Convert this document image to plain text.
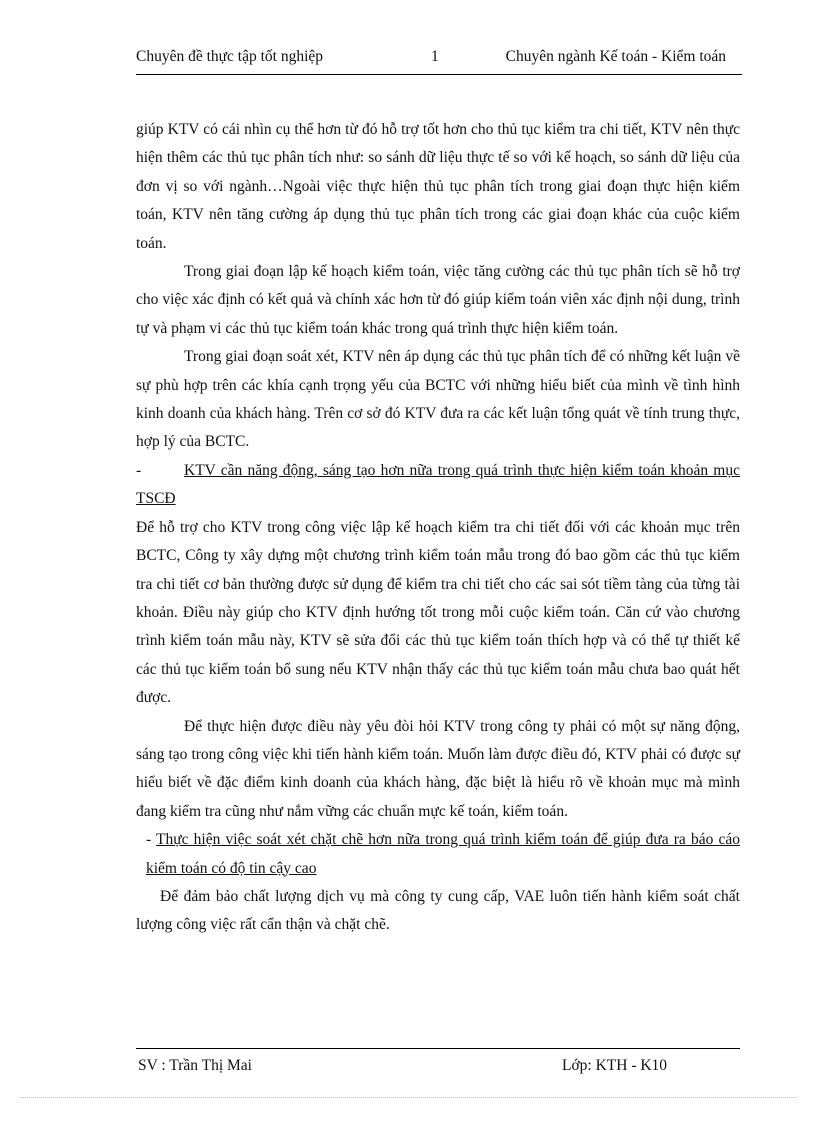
Chuyên đề thực tập tốt nghiệp	1	Chuyên ngành Kế toán - Kiểm toán

giúp KTV có cái nhìn cụ thể hơn từ đó hỗ trợ tốt hơn cho thủ tục kiểm tra chi tiết, KTV nên thực hiện thêm các thủ tục phân tích như: so sánh dữ liệu thực tế so với kế hoạch, so sánh dữ liệu của đơn vị so với ngành…Ngoài việc thực hiện thủ tục phân tích trong giai đoạn thực hiện kiểm toán, KTV nên tăng cường áp dụng thủ tục phân tích trong các giai đoạn khác của cuộc kiểm toán.

Trong giai đoạn lập kế hoạch kiểm toán, việc tăng cường các thủ tục phân tích sẽ hỗ trợ cho việc xác định có kết quả và chính xác hơn từ đó giúp kiểm toán viên xác định nội dung, trình tự và phạm vi các thủ tục kiểm toán khác trong quá trình thực hiện kiểm toán.

Trong giai đoạn soát xét, KTV nên áp dụng các thủ tục phân tích để có những kết luận về sự phù hợp trên các khía cạnh trọng yếu của BCTC với những hiểu biết của mình về tình hình kinh doanh của khách hàng. Trên cơ sở đó KTV đưa ra các kết luận tổng quát về tính trung thực, hợp lý của BCTC.

-	KTV cần năng động, sáng tạo hơn nữa trong quá trình thực hiện kiểm toán khoản mục TSCĐ

Để hỗ trợ cho KTV trong công việc lập kế hoạch kiểm tra chi tiết đối với các khoản mục trên BCTC, Công ty xây dựng một chương trình kiểm toán mẫu trong đó bao gồm các thủ tục kiểm tra chi tiết cơ bản thường được sử dụng để kiểm tra chi tiết cho các sai sót tiềm tàng của từng tài khoản. Điều này giúp cho KTV định hướng tốt trong mỗi cuộc kiểm toán. Căn cứ vào chương trình kiểm toán mẫu này, KTV sẽ sửa đổi các thủ tục kiểm toán thích hợp và có thể tự thiết kế các thủ tục kiểm toán bổ sung nếu KTV nhận thấy các thủ tục kiểm toán mẫu chưa bao quát hết được.

Để thực hiện được điều này yêu đòi hỏi KTV trong công ty phải có một sự năng động, sáng tạo trong công việc khi tiến hành kiểm toán. Muốn làm được điều đó, KTV phải có được sự hiểu biết về đặc điểm kinh doanh của khách hàng, đặc biệt là hiểu rõ về khoản mục mà mình đang kiểm tra cũng như nắm vững các chuẩn mực kế toán, kiểm toán.

- Thực hiện việc soát xét chặt chẽ hơn nữa trong quá trình kiểm toán để giúp đưa ra báo cáo kiểm toán có độ tin cậy cao

Để đảm bảo chất lượng dịch vụ mà công ty cung cấp, VAE luôn tiến hành kiểm soát chất lượng công việc rất cẩn thận và chặt chẽ.

SV : Trần Thị Mai	Lớp: KTH - K10
